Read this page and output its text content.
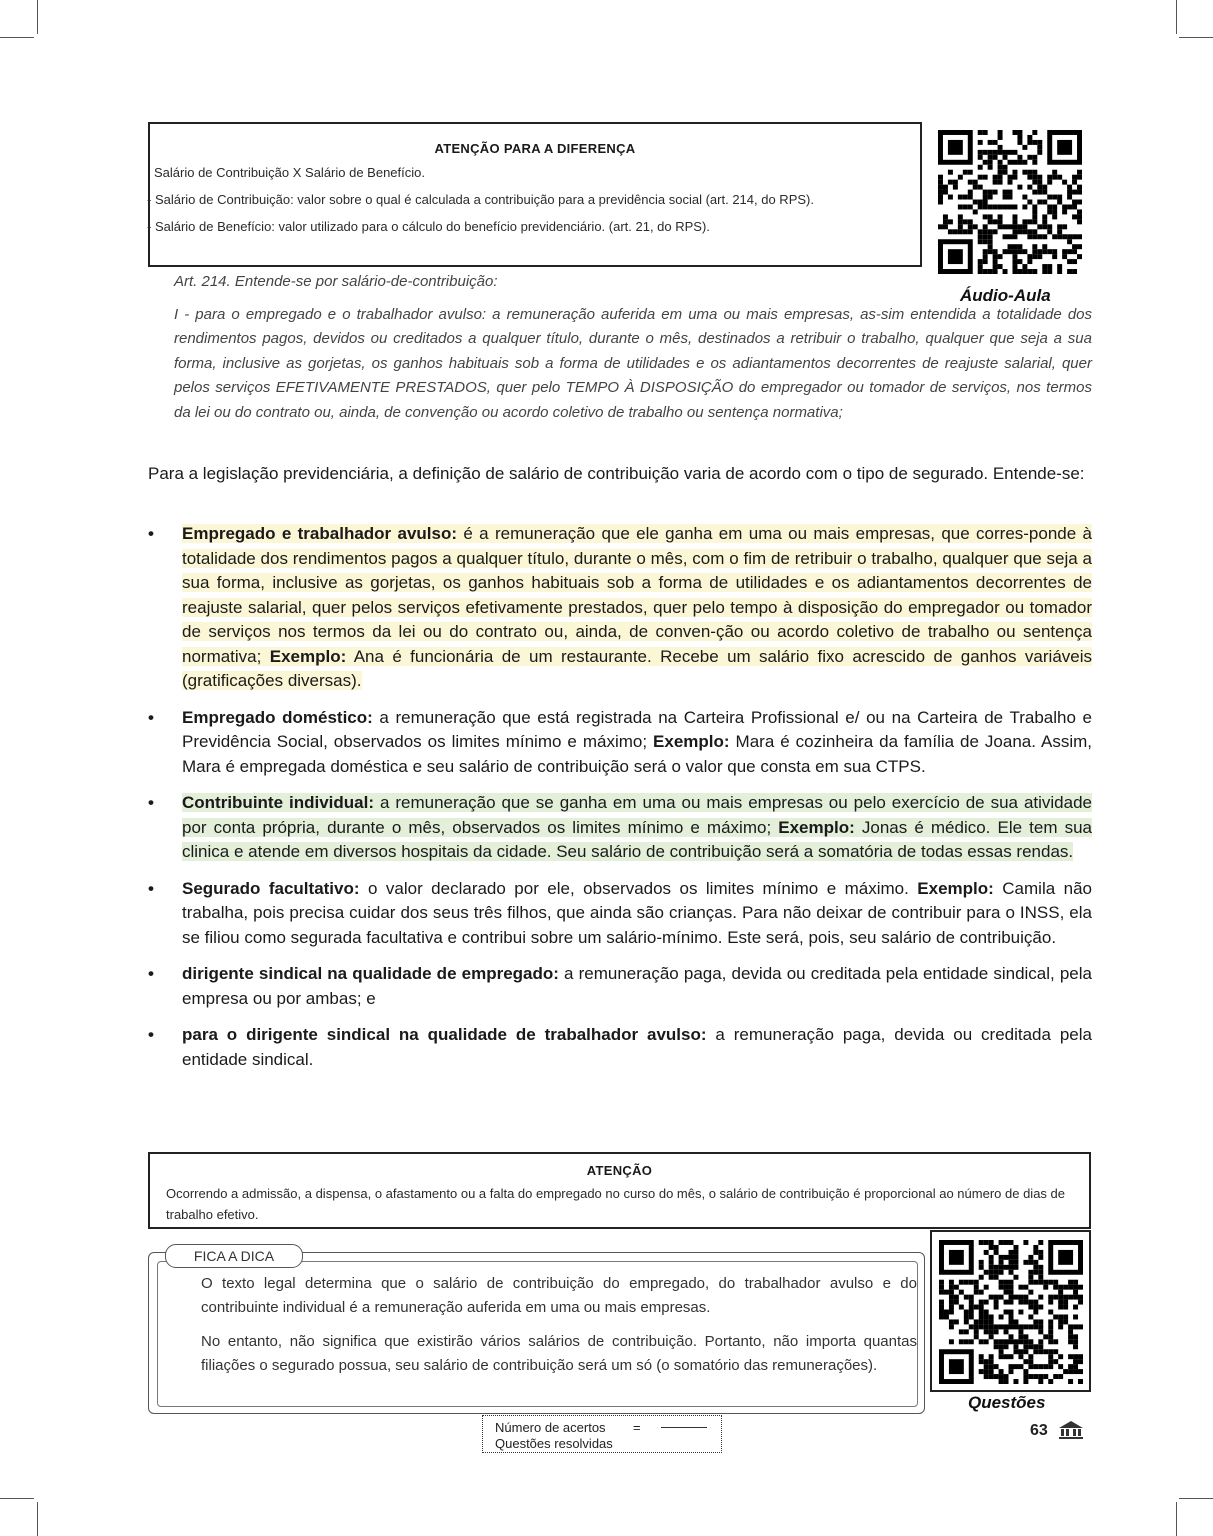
ATENÇÃO PARA A DIFERENÇA
Salário de Contribuição X Salário de Benefício.
- Salário de Contribuição: valor sobre o qual é calculada a contribuição para a previdência social (art. 214, do RPS).
- Salário de Benefício: valor utilizado para o cálculo do benefício previdenciário. (art. 21, do RPS).
Áudio-Aula

Art. 214. Entende-se por salário-de-contribuição:

I - para o empregado e o trabalhador avulso: a remuneração auferida em uma ou mais empresas, as-sim entendida a totalidade dos rendimentos pagos, devidos ou creditados a qualquer título, durante o mês, destinados a retribuir o trabalho, qualquer que seja a sua forma, inclusive as gorjetas, os ganhos habituais sob a forma de utilidades e os adiantamentos decorrentes de reajuste salarial, quer pelos serviços EFETIVAMENTE PRESTADOS, quer pelo TEMPO À DISPOSIÇÃO do empregador ou tomador de serviços, nos termos da lei ou do contrato ou, ainda, de convenção ou acordo coletivo de trabalho ou sentença normativa;

Para a legislação previdenciária, a definição de salário de contribuição varia de acordo com o tipo de segurado. Entende-se:
• Empregado e trabalhador avulso: é a remuneração que ele ganha em uma ou mais empresas, que corres-ponde à totalidade dos rendimentos pagos a qualquer título, durante o mês, com o fim de retribuir o trabalho, qualquer que seja a sua forma, inclusive as gorjetas, os ganhos habituais sob a forma de utilidades e os adiantamentos decorrentes de reajuste salarial, quer pelos serviços efetivamente prestados, quer pelo tempo à disposição do empregador ou tomador de serviços nos termos da lei ou do contrato ou, ainda, de conven-ção ou acordo coletivo de trabalho ou sentença normativa; Exemplo: Ana é funcionária de um restaurante. Recebe um salário fixo acrescido de ganhos variáveis (gratificações diversas).
• Empregado doméstico: a remuneração que está registrada na Carteira Profissional e/ ou na Carteira de Trabalho e Previdência Social, observados os limites mínimo e máximo; Exemplo: Mara é cozinheira da família de Joana. Assim, Mara é empregada doméstica e seu salário de contribuição será o valor que consta em sua CTPS.
• Contribuinte individual: a remuneração que se ganha em uma ou mais empresas ou pelo exercício de sua atividade por conta própria, durante o mês, observados os limites mínimo e máximo; Exemplo: Jonas é médico. Ele tem sua clinica e atende em diversos hospitais da cidade. Seu salário de contribuição será a somatória de todas essas rendas.
• Segurado facultativo: o valor declarado por ele, observados os limites mínimo e máximo. Exemplo: Camila não trabalha, pois precisa cuidar dos seus três filhos, que ainda são crianças. Para não deixar de contribuir para o INSS, ela se filiou como segurada facultativa e contribui sobre um salário-mínimo. Este será, pois, seu salário de contribuição.
• dirigente sindical na qualidade de empregado: a remuneração paga, devida ou creditada pela entidade sindical, pela empresa ou por ambas; e
• para o dirigente sindical na qualidade de trabalhador avulso: a remuneração paga, devida ou creditada pela entidade sindical.
ATENÇÃO
Ocorrendo a admissão, a dispensa, o afastamento ou a falta do empregado no curso do mês, o salário de contribuição é proporcional ao número de dias de trabalho efetivo.
FICA A DICA

O texto legal determina que o salário de contribuição do empregado, do trabalhador avulso e do contribuinte individual é a remuneração auferida em uma ou mais empresas.

No entanto, não significa que existirão vários salários de contribuição. Portanto, não importa quantas filiações o segurado possua, seu salário de contribuição será um só (o somatório das remunerações).

Questões
Número de acertos
Questões resolvidas
=	63
